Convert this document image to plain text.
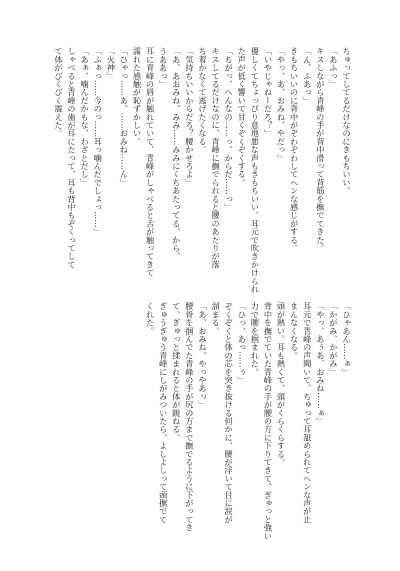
ちゅってしてるだけなのにきもちいい。
「あふっ」
キスしながら青峰の手が背中滑って背筋を撫でてきた。
「ん、ふあっ」
きもちいいのに背中がぞわぞわしてヘンな感じがする。
「やっ、あ、おみね、やだっ」
「いやじゃねーだろ？」
優しくてちょっぴり意地悪な声もきもちいい。耳元で吹きかけられ
た声が低く響いて甘くぞくぞくする。
「ちがっ、へんなの……っ、からだ……っ」
キスしてるだけなのに、青峰に撫でられると腰のあたりが落
ち着かなくて逃げたくなる。
「気持ちいいからだろ？腰かせろよ」
「あ、あおみね、みみ……みみにくちあたってる、から、
うああっ」
耳に青峰の唇が触れていて、青峰がしゃべると舌が触ってきて
濡れた感触が恥ずかしい。
「ひゃっ……あ、……おみね……ん」
「火神」
「ふぁっ……今のっ……耳っ噛んだでしょっ……」
「あぁ、噛んだかもな、わざとだし」
しゃべると青峰の歯が耳にたって、耳も背中もぞくってして
て体がびくびく震えた。
「ひゃあん……ぁ」
「かがみ、かがみ」
「やっ、あぅあ、おみね……ぁ」
耳元で青峰の声聞いて、ちゅって耳舐められてヘンな声が止
まんなくなる。
頭が熱い。耳も熱くて、頭がくらくらする。
背中を撫でていた青峰の手が腰の方に下りてきて、ぎゅっと強い
力で腰を掴まれた。
「ひっ、あっ……ぅ」
ぞくぞくと体の芯を突き抜ける何かに、腰が浮いて目に涙が
溜まる。
「あ、おみね、やっやあっ」
腰骨を掴んでた青峰の手が尻の方まで撫でるように下がってき
て、ぎゅっと揉まれると体が跳ねる。
ぎゅうぎゅう青峰にしがみついたら、よしよしって頭撫でて
くれた。
